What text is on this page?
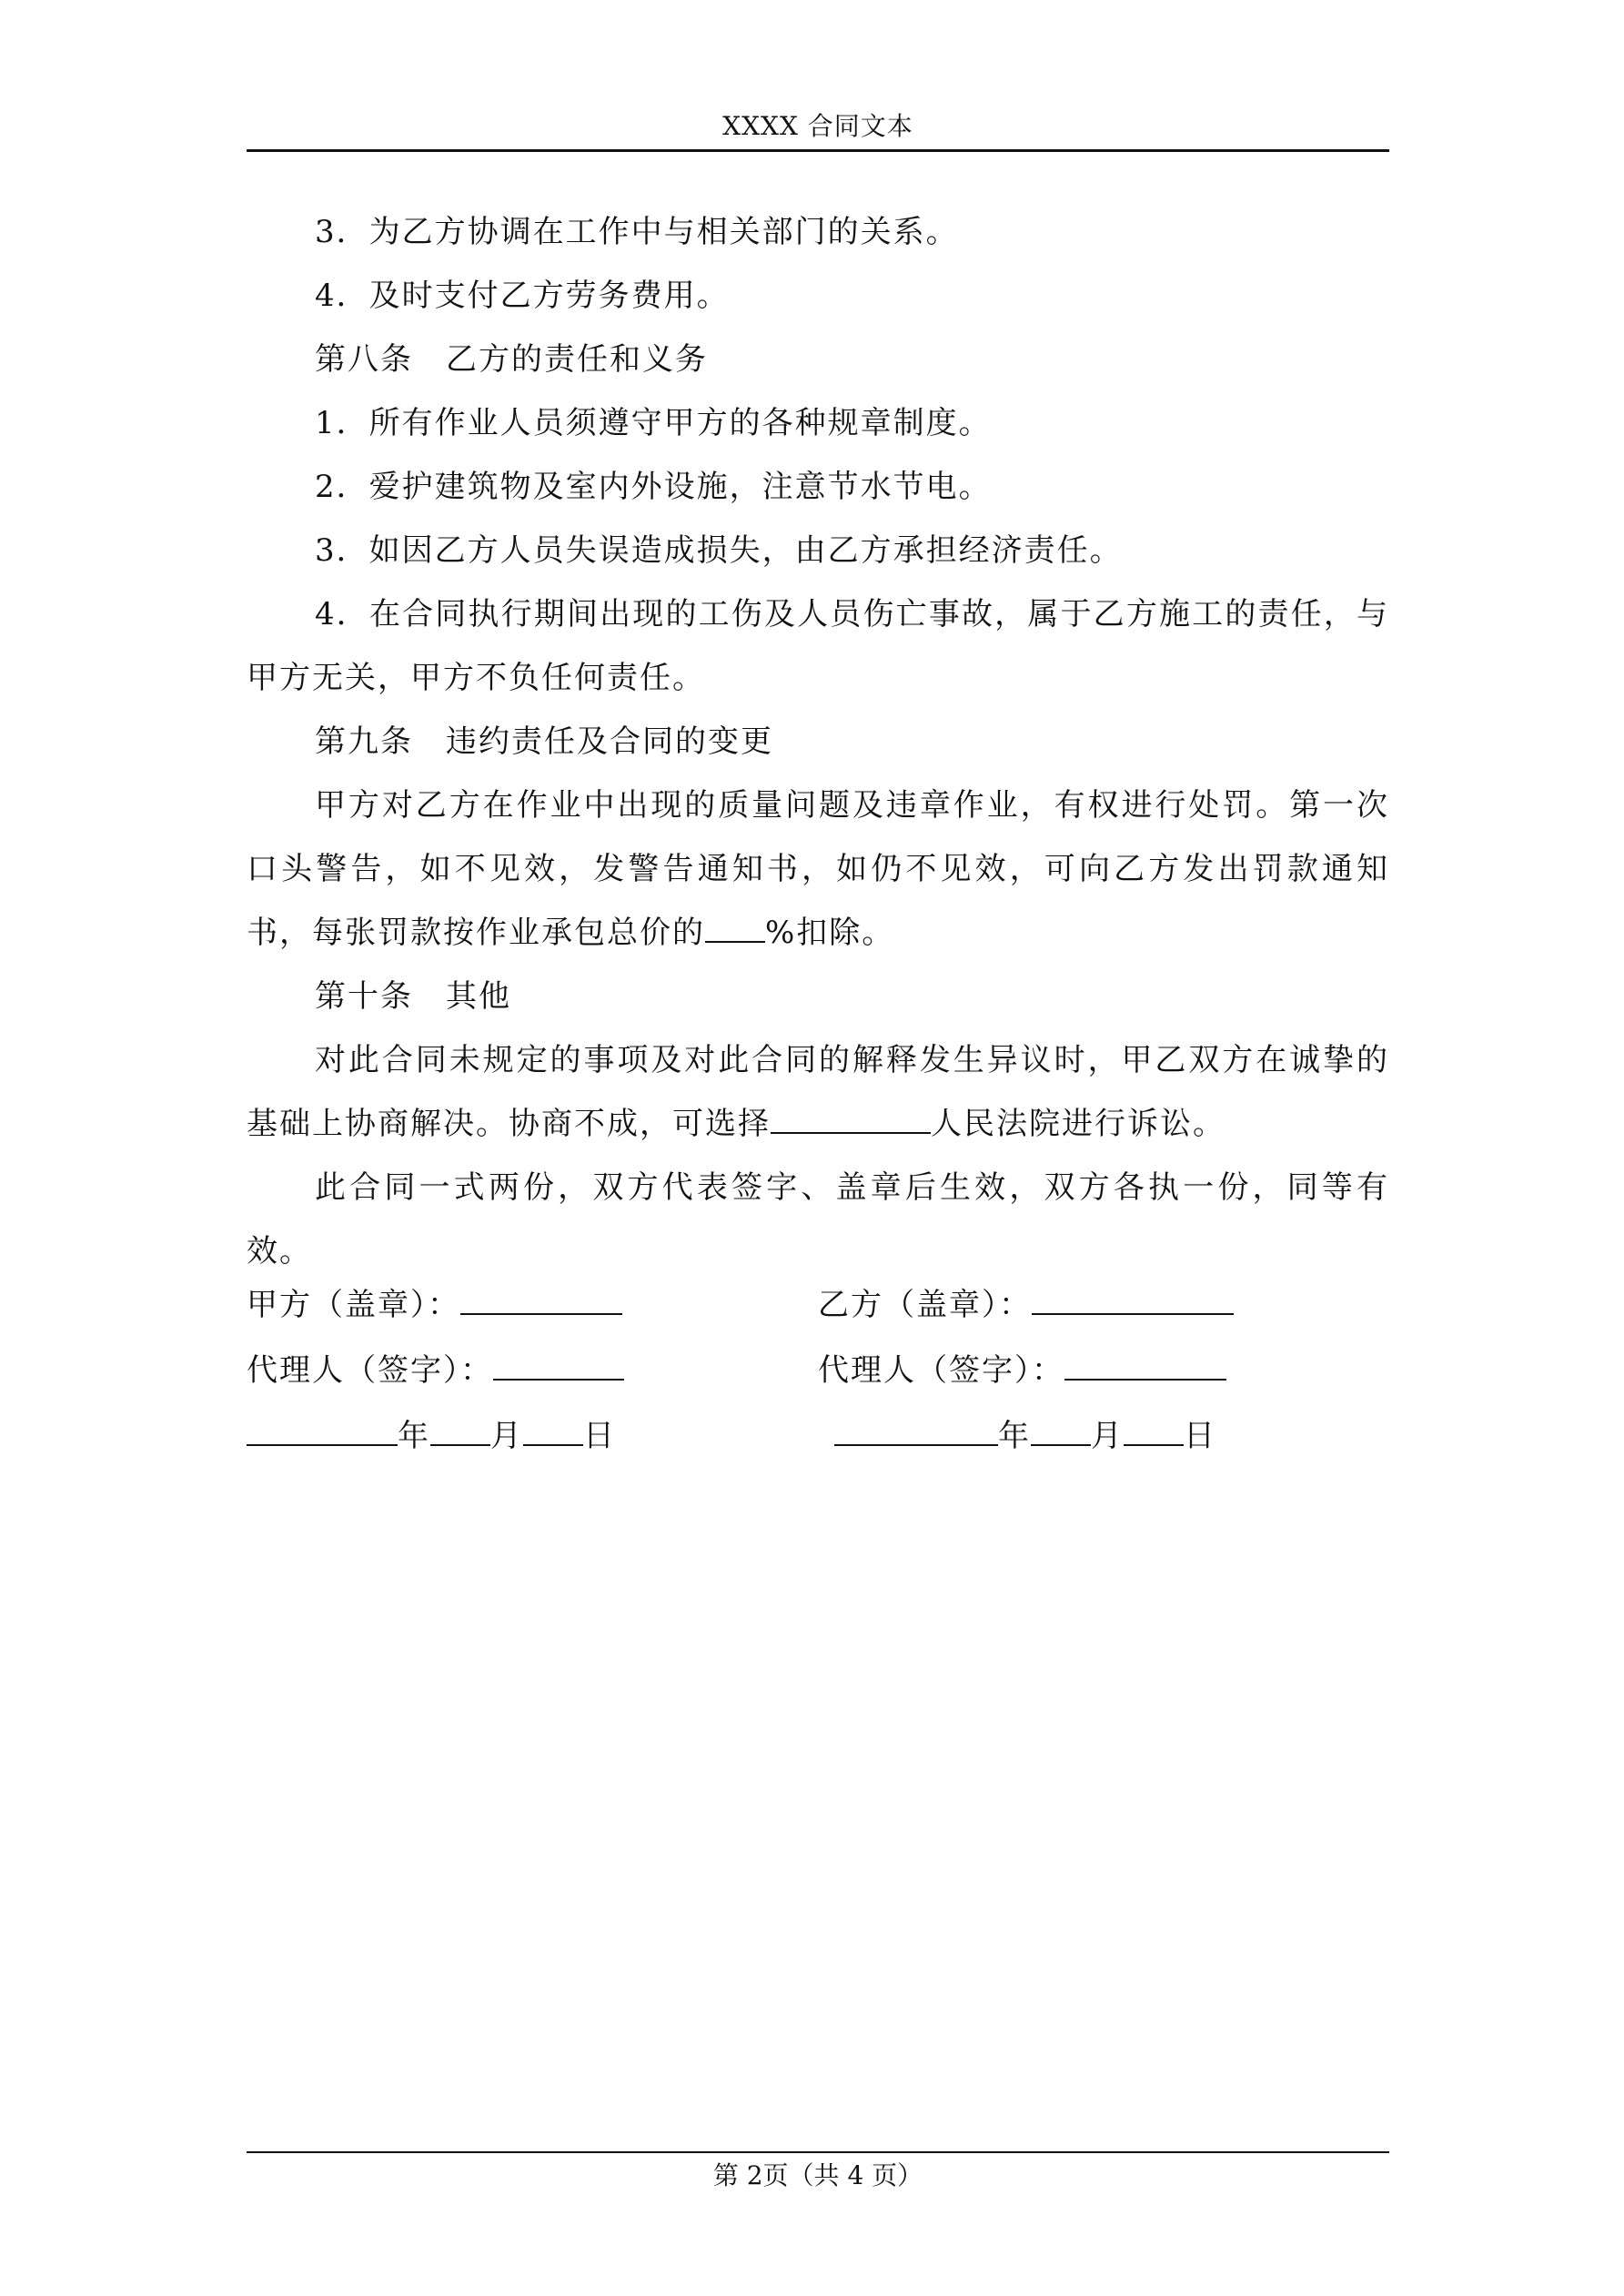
XXXX 合同文本

3．为乙方协调在工作中与相关部门的关系。

4．及时支付乙方劳务费用。

第八条　乙方的责任和义务

1．所有作业人员须遵守甲方的各种规章制度。

2．爱护建筑物及室内外设施，注意节水节电。

3．如因乙方人员失误造成损失，由乙方承担经济责任。

4．在合同执行期间出现的工伤及人员伤亡事故，属于乙方施工的责任，与甲方无关，甲方不负任何责任。

第九条　违约责任及合同的变更

甲方对乙方在作业中出现的质量问题及违章作业，有权进行处罚。第一次口头警告，如不见效，发警告通知书，如仍不见效，可向乙方发出罚款通知书，每张罚款按作业承包总价的 %扣除。

第十条　其他

对此合同未规定的事项及对此合同的解释发生异议时，甲乙双方在诚挚的基础上协商解决。协商不成，可选择	人民法院进行诉讼。

此合同一式两份，双方代表签字、盖章后生效，双方各执一份，同等有效。

甲方（盖章）：	乙方（盖章）：
代理人（签字）：	代理人（签字）：
年 月 日	年 月 日
第 2页（共 4 页）
